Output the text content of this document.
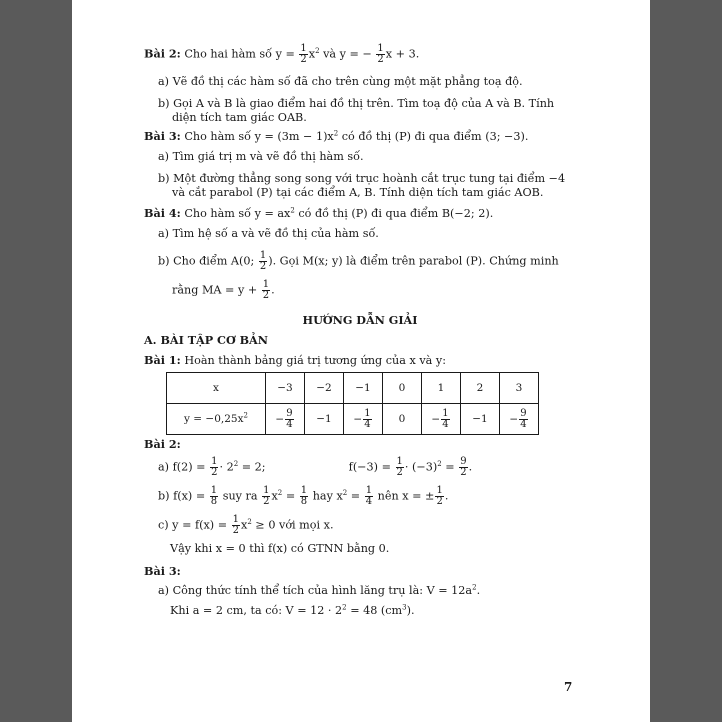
Bài 2: Cho hai hàm số $y = \frac{1}{2} x^2$ và y = − $\frac{1}{2}$ x + 3.

a) Vẽ đồ thị các hàm số đã cho trên cùng một mặt phẳng toạ độ.

b) Gọi A và B là giao điểm hai đồ thị trên. Tìm toạ độ của A và B. Tính

diện tích tam giác OAB.

Bài 3: Cho hàm số $y = (3m - 1)x^2$ có đồ thị (P) đi qua điểm (3; −3).

a) Tìm giá trị m và vẽ đồ thị hàm số.

b) Một đường thẳng song song với trục hoành cắt trục tung tại điểm −4

và cắt parabol (P) tại các điểm A, B. Tính diện tích tam giác AOB.

Bài 4: Cho hàm số $y = ax^2$ có đồ thị (P) đi qua điểm B(−2; 2).

a) Tìm hệ số a và vẽ đồ thị của hàm số.

b) Cho điểm A(0; $\frac{1}{2}$ ). Gọi M(x; y) là điểm trên parabol (P). Chứng minh

rằng MA = $y + \frac{1}{2}$ .

HƯỚNG DẪN GIẢI

A. BÀI TẬP CƠ BẢN

Bài 1: Hoàn thành bảng giá trị tương ứng của x và y:

x	−3	−2	−1	0	1	2	3
$y = -0,25x^2$	− $\frac{9}{4}$	−1	− $\frac{1}{4}$	0	− $\frac{1}{4}$	−1	− $\frac{9}{4}$

Bài 2:

a) $f(2) = \frac{1}{2} \cdot 2^2 = 2$;	$f(-3) = \frac{1}{2} \cdot (-3)^2 = \frac{9}{2}$ .

b) $f(x) = \frac{1}{8}$ suy ra $\frac{1}{2} x^2 = \frac{1}{8}$ hay $x^2 = \frac{1}{4}$ nên x = ± $\frac{1}{2}$ .

c) $y = f(x) = \frac{1}{2} x^2 \ge 0$ với mọi x.

Vậy khi x = 0 thì f(x) có GTNN bằng 0.

Bài 3:

a) Công thức tính thể tích của hình lăng trụ là: $V = 12a^2$.

Khi a = 2 cm, ta có: $V = 12 \cdot 2^2 = 48$ $(cm^3)$.

7
